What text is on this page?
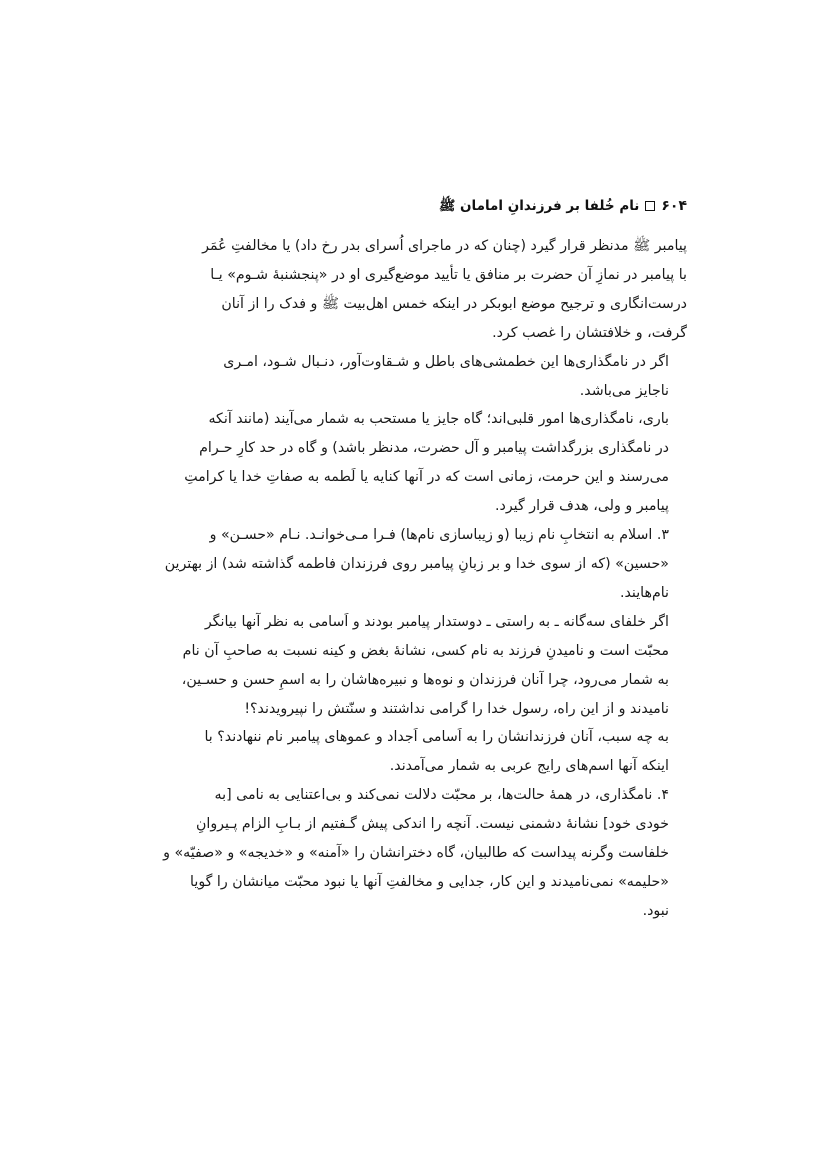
۶۰۴
نام خُلفا بر فرزندانِ امامان ﷺ
پیامبر ﷺ مدنظر قرار گیرد (چنان که در ماجرای اُسرای بدر رخ داد) یا مخالفتِ عُمَر
با پیامبر در نمازِ آن حضرت بر منافق یا تأیید موضع‌گیری او در «پنجشنبهٔ شـوم» یـا
درست‌انگاری و ترجیح موضع ابوبکر در اینکه خمس اهل‌بیت ﷺ و فدک را از آنان
گرفت، و خلافتشان را غصب کرد.
اگر در نامگذاری‌ها این خطمشی‌های باطل و شـقاوت‌آور، دنـبال شـود، امـری
ناجایز می‌باشد.
باری، نامگذاری‌ها امور قلبی‌اند؛ گاه جایز یا مستحب به شمار می‌آیند (مانند آنکه
در نامگذاری بزرگداشت پیامبر و آل حضرت، مدنظر باشد) و گاه در حد کارِ حـرام
می‌رسند و این حرمت، زمانی است که در آنها کنایه یا لَطمه به صفاتِ خدا یا کرامتِ
پیامبر و ولی، هدف قرار گیرد.
۳. اسلام به انتخابِ نام زیبا (و زیباسازی نام‌ها) فـرا مـی‌خوانـد. نـام «حسـن» و
«حسین» (که از سوی خدا و بر زبانِ پیامبر روی فرزندان فاطمه گذاشته شد) از بهترین
نام‌هایند.
اگر خلفای سه‌گانه ـ به راستی ـ دوستدار پیامبر بودند و اَسامی به نظر آنها بیانگر
محبّت است و نامیدنِ فرزند به نام کسی، نشانهٔ بغض و کینه نسبت به صاحبِ آن نام
به شمار می‌رود، چرا آنان فرزندان و نوه‌ها و نبیره‌هاشان را به اسمِ حسن و حسـین،
نامیدند و از این راه، رسول خدا را گرامی نداشتند و سنّتش را نپیرویدند؟!
به چه سبب، آنان فرزندانشان را به اَسامی اَجداد و عموهای پیامبر نام ننهادند؟ با
اینکه آنها اسم‌های رایج عربی به شمار می‌آمدند.
۴. نامگذاری، در همهٔ حالت‌ها، بر محبّت دلالت نمی‌کند و بی‌اعتنایی به نامی [به
خودی خود] نشانهٔ دشمنی نیست. آنچه را اندکی پیش گـفتیم از بـابِ الزام پـیروانِ
خلفاست وگرنه پیداست که طالبیان، گاه دخترانشان را «آمنه» و «خدیجه» و «صفیّه» و
«حلیمه» نمی‌نامیدند و این کار، جدایی و مخالفتِ آنها یا نبود محبّت میانشان را گویا
نبود.
